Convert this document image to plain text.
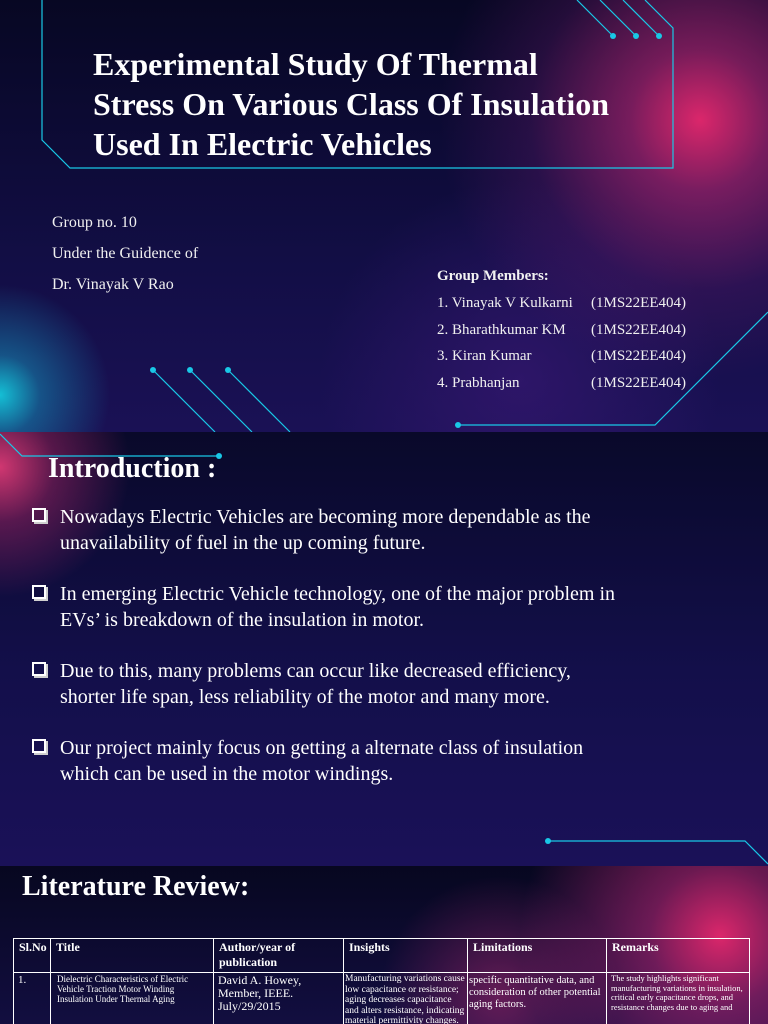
Experimental Study Of Thermal
Stress On Various Class Of Insulation
Used In Electric Vehicles
Group no. 10
Under the Guidence of
Dr. Vinayak V Rao	Group Members:
1. Vinayak V Kulkarni (1MS22EE404)
2. Bharathkumar KM (1MS22EE404)
3. Kiran Kumar	(1MS22EE404)
4. Prabhanjan	(1MS22EE404)
Introduction :
Nowadays Electric Vehicles are becoming more dependable as the
unavailability of fuel in the up coming future.
In emerging Electric Vehicle technology, one of the major problem in
EVs’ is breakdown of the insulation in motor.
Due to this, many problems can occur like decreased efficiency,
shorter life span, less reliability of the motor and many more.
Our project mainly focus on getting a alternate class of insulation
which can be used in the motor windings.
Literature Review:
Sl.No	Title	Author/year of publication	Insights	Limitations	Remarks
1.	Dielectric Characteristics of Electric Vehicle Traction Motor Winding Insulation Under Thermal Aging	David A. Howey, Member, IEEE. July/29/2015	Manufacturing variations cause low capacitance or resistance; aging decreases capacitance and alters resistance, indicating material permittivity changes.	specific quantitative data, and consideration of other potential aging factors.	The study highlights significant manufacturing variations in insulation, critical early capacitance drops, and resistance changes due to aging and
